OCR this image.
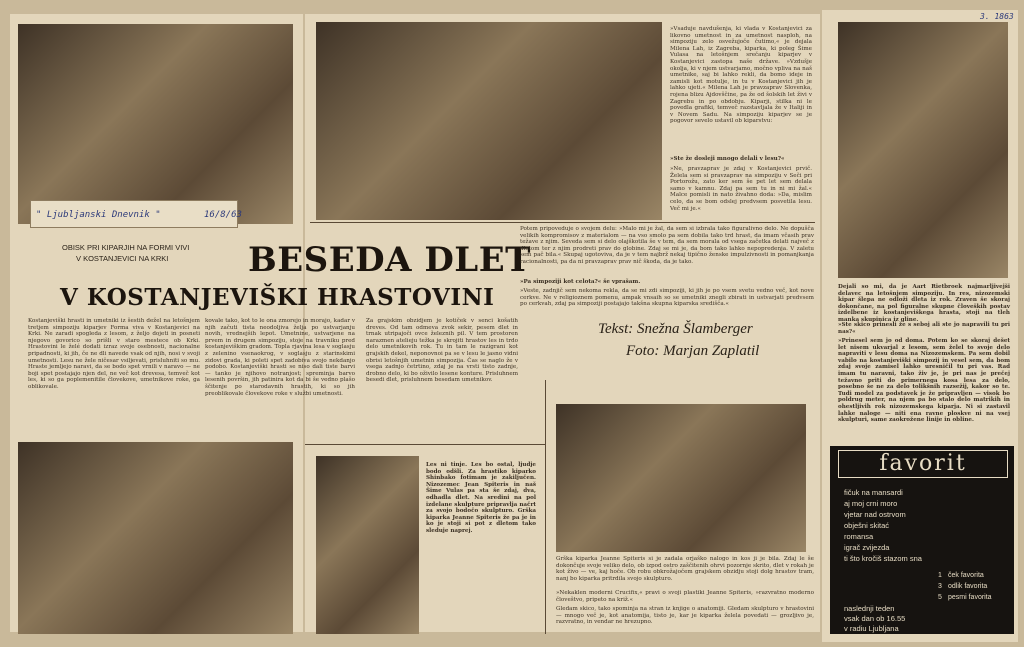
" Ljubljanski Dnevnik "	16/8/63
3. 1863
OBISK PRI KIPARJIH NA FORMI VIVI
V KOSTANJEVICI NA KRKI BESEDA DLET
V KOSTANJEVIŠKI HRASTOVINI
Kostanjeviški hrasti in umetniki iz šestih dežel na letošnjem tretjem simpoziju kiparjev Forma viva v Kostanjevici na Krki. Ne zaradi spogleda z lesom, z željo dojeti in posneti njegovo govorico so prišli v staro mestece ob Krki. Hrastovini le želé dodati izraz svoje osebnosti, nacionalne pripadnosti, ki jih, če ne dli navede vsak od njih, nosi v svoji umetnosti. Lesu ne žele ničesar vsiljevati, prisluhniti so mu. Hraste jemljejo naravi, da se bodo spet vrnili v naravo — ne boji spet postajajo njen del, ne več kot drevesa, temveč kot les, ki so ga poplemenitile človekove, umetnikove roke, ga oblikovale.
kovale tako, kot to le ona zmorejo in morajo, kadar v njih začuti tista neodoljiva želja po ustvarjanju novih, vrednejših lepot. Umetnine, ustvarjene na prvem in drugem simpoziju, stoje na travniku pred kostanjeviškim gradom. Topla rjavina lesa v soglasju z zelenino vsenaokrog, v soglasju z starinskimi zidovi grada, ki poleti spet zadobiva svojo nekdanjo podobo. Kostanjeviški hrasti se niso dali tiste barvi — tanko je njihovo notranjost; spreminja barvo lesenih površin, jih patinira kot da bi še vedno plašo ščitenje po starodavnih hrastih, ki so jih preoblikovale človekove roke v službi umetnosti.
Za grajskim obzidjem je kotiček v senci košatih dreves. Od tam odmeva zvok sekir, pesem dlet in trnak utripajoči ovce železnih pil. V tem prostoren narazmen atelieju težka je skrojiti hrastov les in trdo delo umetnikovih rok. Tu in tam le razigrani kot grajskih dekel, neponovnoi pa se v lesu le jasno vidni obrisi letošnjih umetnin simpozija. Čas se naglo že v vsega zadnjo četrtino, zdaj je na vrsti tisto zadnje, drobno delo, ki bo oživilo lesene konture. Prisluhnem besedi dlet, prisluhnem besedam umetnikov.
Tekst: Snežna Šlamberger
Foto: Marjan Zaplatil
»Vsaduje navdušenja, ki vlada v Kostanjevici za likovno umetnost in za umetnost nasploh, na simpoziju zelo osvežujoče čutimo,« je dejala Milena Lah, iz Zagreba, kiparka, ki poleg Šime Vulasa na letošnjem srečanju kiparjev v Kostanjevici zastopa naše države. »Vzdušje okolja, ki v njem ustvarjamo, močno vpliva na naš umetnike, saj bi lahko rekli, da bomo ideje in zamisli kot motulje, in tu v Kostanjevici jih je lahko ujeti.« Milena Lah je pravzaprav Slovenka, rojena blizu Ajdovščine, pa že od šolskih let živi v Zagrebu in po obdobju. Kiparji, stilka ni le povedla grafiki, temveč razstavljala že v Italiji in v Novem Sadu. Na simpoziju kiparjev se je pogovor sevelo ustavil ob kiparstvu:
»Ste že dosleji mnogo delali v lesu?«
»Ne, pravzaprav je zdaj v Kostanjevici prvič. Želela sem si pravzaprav na simpoziju v Seči pri Portorožu, zato ker sem še pet let sem delala samo v kamnu. Zdaj pa sem tu in ni mi žal.« Malce pomisli in nato živahno doda: »Da, mislim celo, da se bom odslej predvsem posvetila lesu. Več mi je.«
Potem pripoveduje o svojem delu: »Malo mi je žal, da sem si izbrala tako figuralivno delo. Ne dopušča velikih kompromisov z materialom — na vso smolo pa sem dobila tako trd hrast, da imam včasih prav težave z njim. Seveda sem si delo olajškotila še v tem, da sem morala od vsega začetka delati največ z dletom ter z njim prodreti prav do globine. Zdaj se mi je, da bom tako lahko nepopredenja. V zaletu sem pač bila.« Skupaj ugotoviva, da je v tem najbrž nekaj tipično ženske impulzivnosti in pomanjkanja racionalnosti, pa da ni pravzaprav prav nič škoda, da je tako.
»Pa simpoziji kot celota?« še vprašam.
»Veste, zadnjič sem nekoma rekla, da se mi zdi simpoziji, ki jih je po vsem svetu vedno več, kot nove cerkve. Ne v religioznem pomenu, ampak vnsaih so se umetniki znegli zbirati in ustvarjati predvsem po cerkvah, zdaj pa simpoziji postajajo takšna skupna kiparska središča.«
Dejali so mi, da je Aart Rietbroek najmarljivejši delavec na letošnjem simpoziju. In res, nizozemski kipar šlepa ne odloži dleta iz rok. Zraven še skoraj dokončane, na pol figuralne skupne človeških postav izdelbene iz kostanjeviškega hrasta, stoji na tleh manka skupinica iz gline.
»Ste skico prinesli že s seboj ali ste jo napravili tu pri nas?«
»Prinesel sem jo od doma. Potem ko se skoraj dešet let nisem ukvarjal z lesom, sem želel to svoje delo napraviti v lesu doma na Nizozemskem. Pa sem dobil vabilo na kostanjeviški simpozij in vesel sem, da bom zdaj svoje zamisel lahko uresničil tu pri vas. Rad imam tu naravni, tako živ je, je pri nas je prečej težavno priti do primernega kosa lesa za delo, posebno še ne za delo tolikšnih razsežij, kakor so te. Tudi model za podstavek je že pripravljen — visok bo poldrug meter, na njem pa bo stalo delo matrikih in ohestljivih rok nizozemskega kiparja. Ni si zastavil lahke naloge — niti ena ravne ploskve ni na vsej skulpturi, same zaokrožene linije in obline.
Les ni tinje. Les bo ostal, ljudje bodo odšli. Za hrastiko kiparko Shinbako fotimam je zakiljučen. Nizozemec Jean Spiteris in naš Šime Vulas pa sta še zdaj, dva, odhadla dlet. Na sredini na pol izdelane skulpture pripravlja načrt za svojo bodočo skulpturo. Grška kiparka Jeanne Spiteris že pa je in ko je stoji si pot z dletom tako sleduje naprej.
Grška kiparka Jeanne Spiteris si je zadala orjaško nalogo in kos ji je bila. Zdaj le še dokončuje svoje veliko delo, ob izpod ostro zaščitenih ohrvi pozornje skrito, dlet v rokah je kot živo — ve, kaj hoče. Ob robu obkrožajočem grajskem obzidju stoji dolg hrastov tram, nanj bo kiparka pritrdila svojo skulpturo.
»Nekaklen moderni Crucifix,« pravi o svoji plastiki Jeanne Spiteris, »razvratno moderno človeštvo, pripeto na križ.«
Gledam skico, tako spominja na stran iz knjige o anatomiji. Gledam skulpturo v hrastovini — mnogo več je, kot anatomija, tisto je, kar je kiparka želela povedati — grozljivo je, razvratno, in vendar ne hrezupno.
favorit
fičuk na mansardi
aj moj crni moro
vjetar nad ostrvom
obješni skitać
romansa
igrač zvijezda
ti što kročiš stazom sna
1 ček favorita
3 odlik favorita
5 pesmi favorita
naslednji teden
vsak dan ob 16.55
v radiu Ljubljana
